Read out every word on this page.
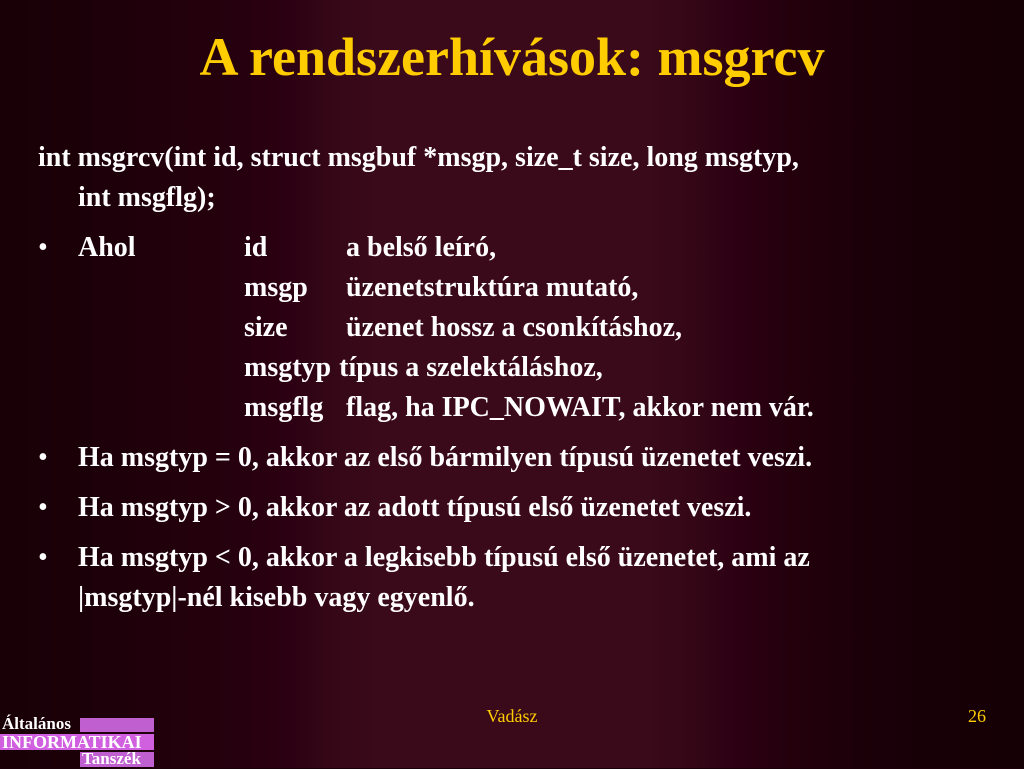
A rendszerhívások: msgrcv
int msgrcv(int id, struct msgbuf *msgp, size_t size, long msgtyp,
int msgflg);
•	Ahol	id	a belső leíró,
msgp	üzenetstruktúra mutató,
size	üzenet hossz a csonkításhoz,
msgtyp típus a szelektáláshoz,
msgflg flag, ha IPC_NOWAIT, akkor nem vár.
•	Ha msgtyp = 0, akkor az első bármilyen típusú üzenetet veszi.
•	Ha msgtyp > 0, akkor az adott típusú első üzenetet veszi.
•	Ha msgtyp < 0, akkor a legkisebb típusú első üzenetet, ami az
|msgtyp|-nél kisebb vagy egyenlő.
Vadász	26
Általános
INFORMATIKAI
Tanszék
